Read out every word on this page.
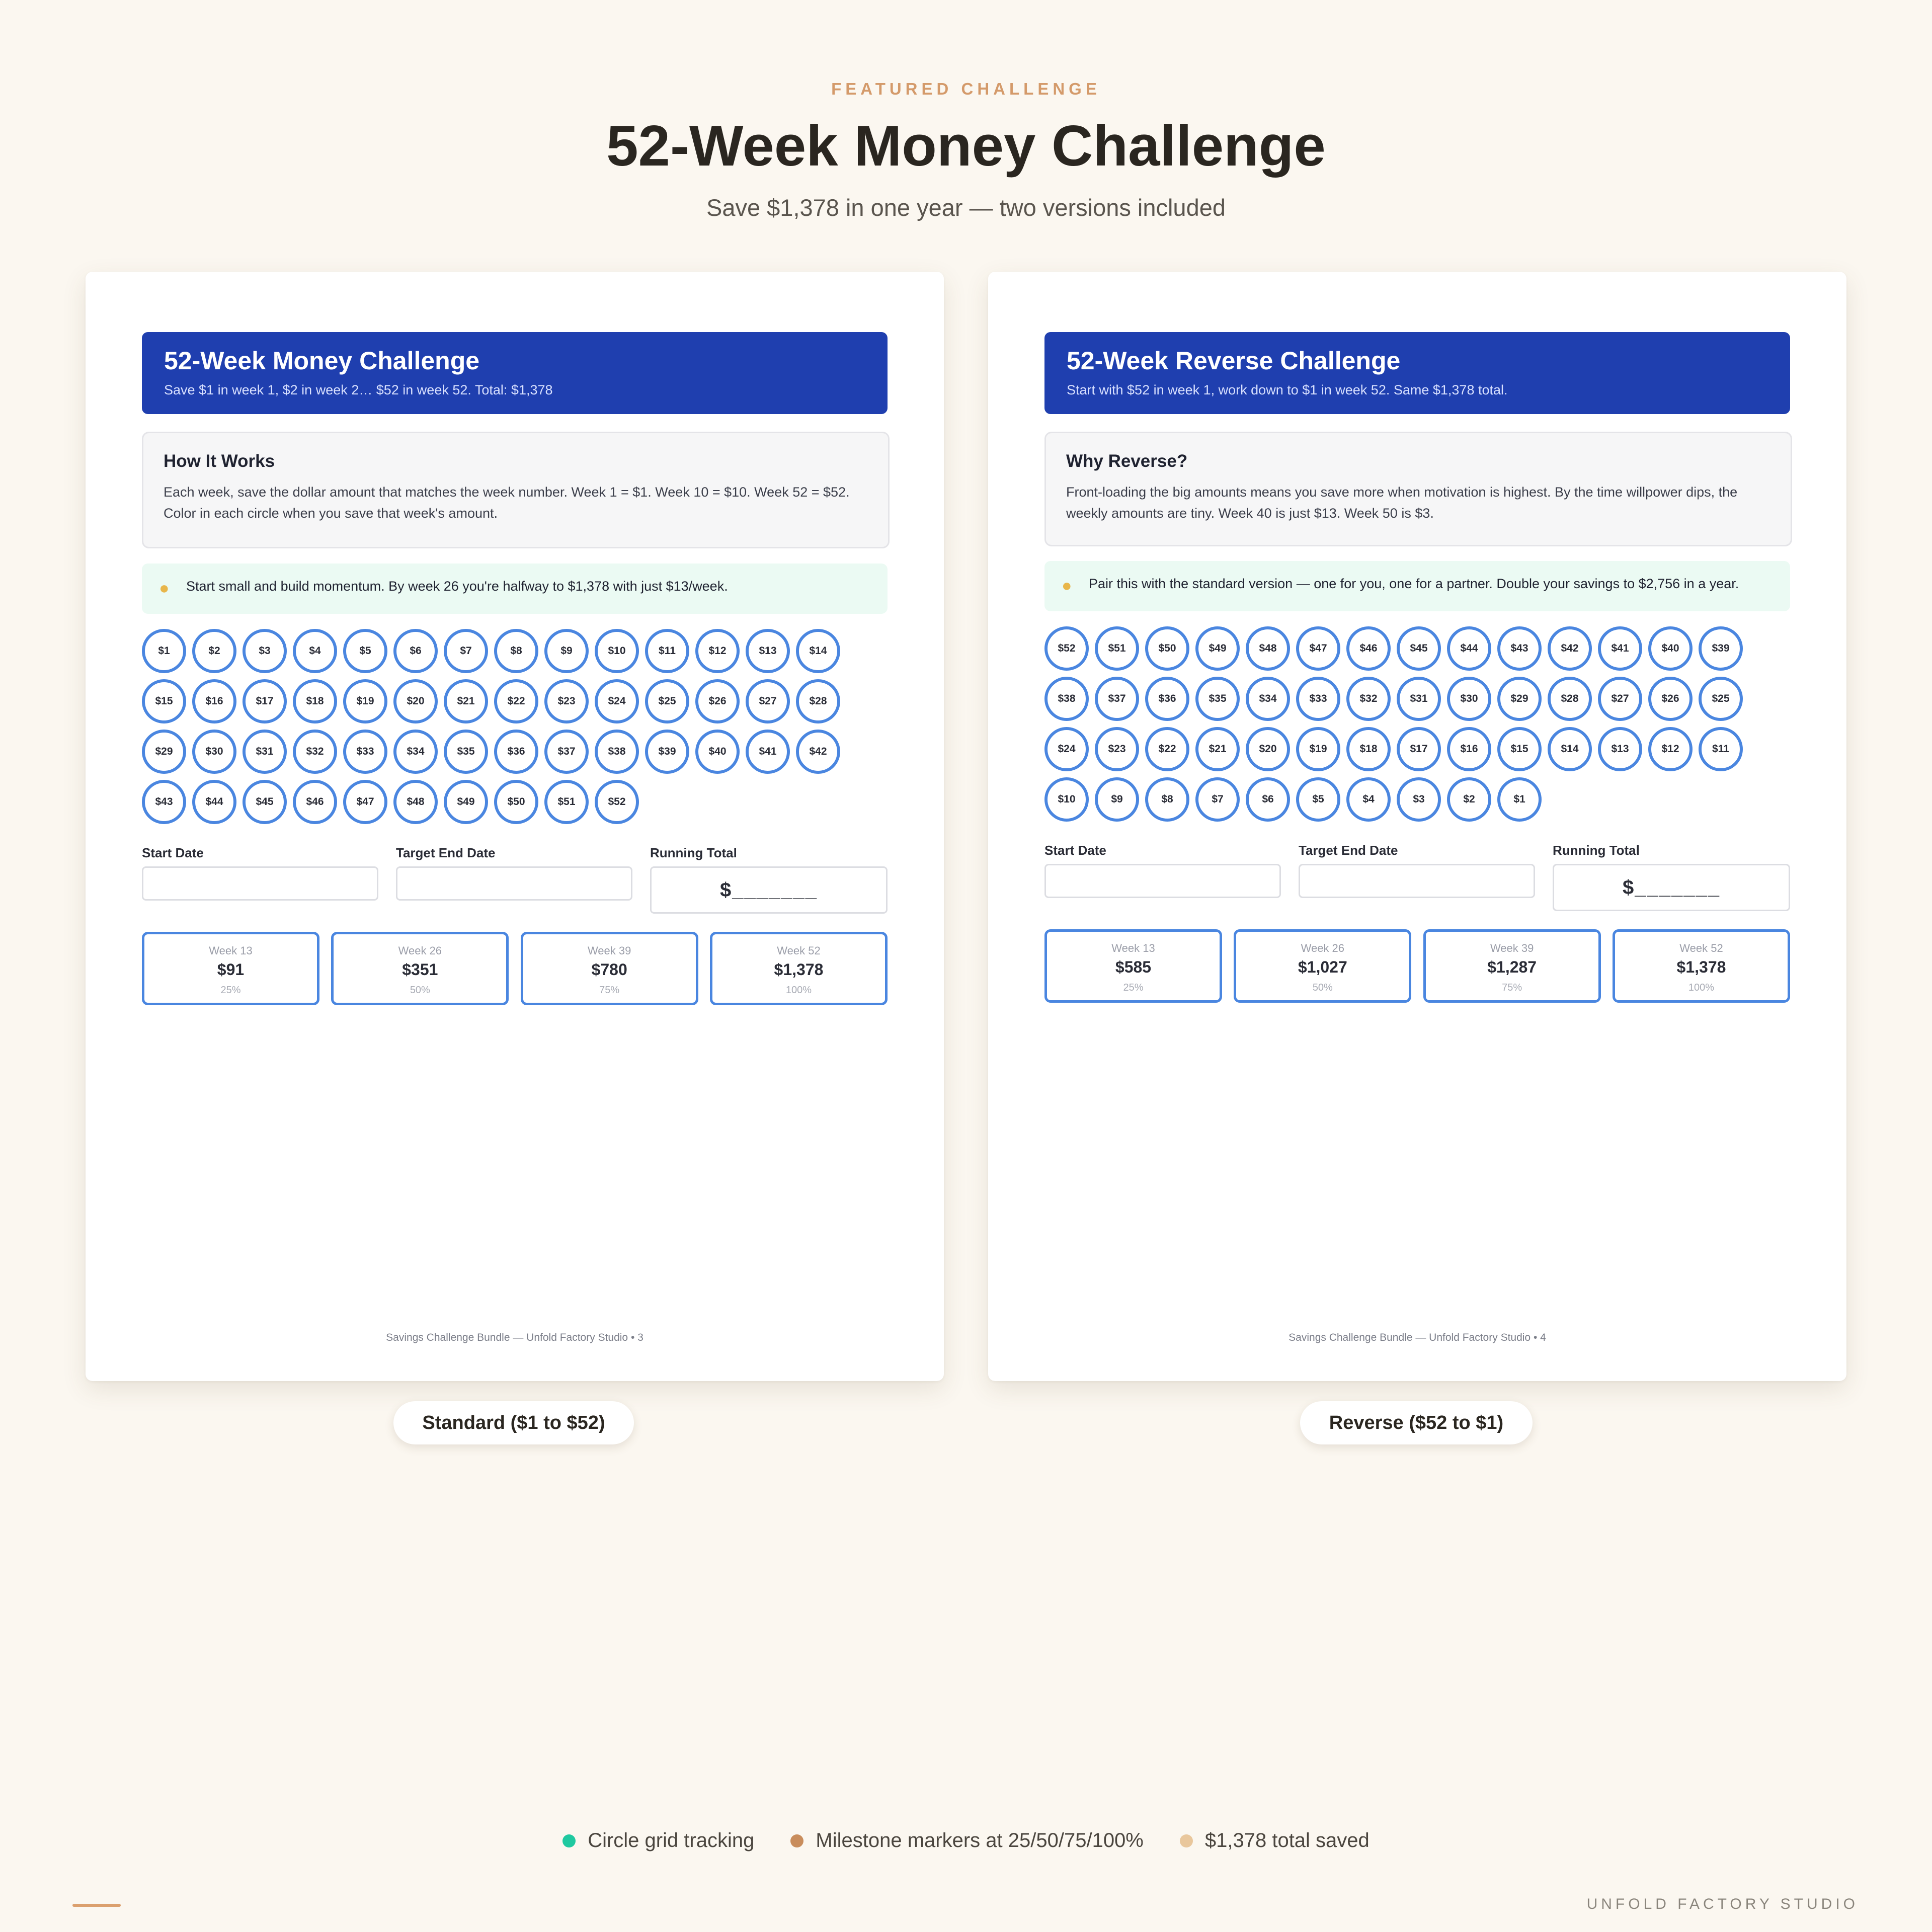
FEATURED CHALLENGE
52-Week Money Challenge
Save $1,378 in one year — two versions included
52-Week Money Challenge
Save $1 in week 1, $2 in week 2… $52 in week 52. Total: $1,378
How It Works
Each week, save the dollar amount that matches the week number. Week 1 = $1. Week 10 = $10. Week 52 = $52. Color in each circle when you save that week's amount.
● Start small and build momentum. By week 26 you're halfway to $1,378 with just $13/week.
$1	$2	$3	$4	$5	$6	$7	$8	$9	$10	$11	$12	$13	$14
$15	$16	$17	$18	$19	$20	$21	$22	$23	$24	$25	$26	$27	$28
$29	$30	$31	$32	$33	$34	$35	$36	$37	$38	$39	$40	$41	$42
$43	$44	$45	$46	$47	$48	$49	$50	$51	$52
Start Date	Target End Date	Running Total
$_______
Week 13
$91
25%
Week 26
$351
50%
Week 39
$780
75%
Week 52
$1,378
100%
Savings Challenge Bundle — Unfold Factory Studio • 3
52-Week Reverse Challenge
Start with $52 in week 1, work down to $1 in week 52. Same $1,378 total.
Why Reverse?
Front-loading the big amounts means you save more when motivation is highest. By the time willpower dips, the weekly amounts are tiny. Week 40 is just $13. Week 50 is $3.
● Pair this with the standard version — one for you, one for a partner. Double your savings to $2,756 in a year.
$52	$51	$50	$49	$48	$47	$46	$45	$44	$43	$42	$41	$40	$39
$38	$37	$36	$35	$34	$33	$32	$31	$30	$29	$28	$27	$26	$25
$24	$23	$22	$21	$20	$19	$18	$17	$16	$15	$14	$13	$12	$11
$10	$9	$8	$7	$6	$5	$4	$3	$2	$1
Start Date	Target End Date	Running Total
$_______
Week 13
$585
25%
Week 26
$1,027
50%
Week 39
$1,287
75%
Week 52
$1,378
100%
Savings Challenge Bundle — Unfold Factory Studio • 4
Standard ($1 to $52)	Reverse ($52 to $1)
Circle grid tracking	Milestone markers at 25/50/75/100%	$1,378 total saved
UNFOLD FACTORY STUDIO
